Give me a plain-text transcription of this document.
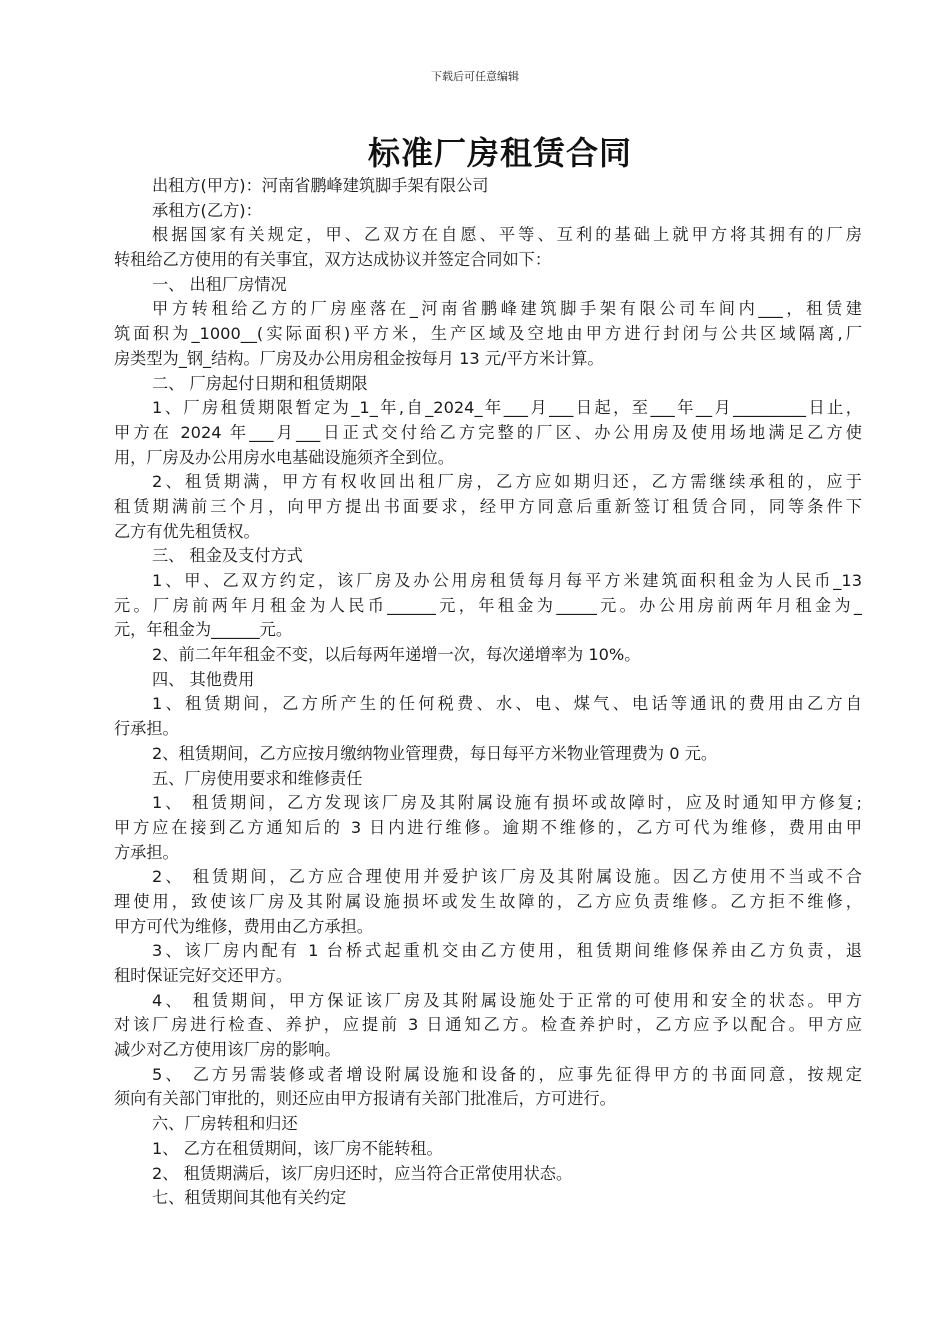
下载后可任意编辑
标准厂房租赁合同
出租方(甲方)：河南省鹏峰建筑脚手架有限公司
承租方(乙方)：
根据国家有关规定，甲、乙双方在自愿、平等、互利的基础上就甲方将其拥有的厂房
转租给乙方使用的有关事宜，双方达成协议并签定合同如下：
一、 出租厂房情况
甲方转租给乙方的厂房座落在_河南省鹏峰建筑脚手架有限公司车间内___，租赁建
筑面积为_1000__(实际面积)平方米，生产区域及空地由甲方进行封闭与公共区域隔离,厂
房类型为_钢_结构。厂房及办公用房租金按每月 13 元/平方米计算。
二、 厂房起付日期和租赁期限
1、厂房租赁期限暂定为_1_年,自_2024_年___月___日起，至___年__月_________日止，
甲方在 2024 年___月___日正式交付给乙方完整的厂区、办公用房及使用场地满足乙方使
用，厂房及办公用房水电基础设施须齐全到位。
2、租赁期满，甲方有权收回出租厂房，乙方应如期归还，乙方需继续承租的，应于
租赁期满前三个月，向甲方提出书面要求，经甲方同意后重新签订租赁合同，同等条件下
乙方有优先租赁权。
三、 租金及支付方式
1、甲、乙双方约定，该厂房及办公用房租赁每月每平方米建筑面积租金为人民币_13
元。厂房前两年月租金为人民币______元，年租金为_____元。办公用房前两年月租金为_
元，年租金为______元。
2、前二年年租金不变，以后每两年递增一次，每次递增率为 10%。
四、 其他费用
1、租赁期间，乙方所产生的任何税费、水、电、煤气、电话等通讯的费用由乙方自
行承担。
2、租赁期间，乙方应按月缴纳物业管理费，每日每平方米物业管理费为 0 元。
五、厂房使用要求和维修责任
1、 租赁期间，乙方发现该厂房及其附属设施有损坏或故障时，应及时通知甲方修复;
甲方应在接到乙方通知后的 3 日内进行维修。逾期不维修的，乙方可代为维修，费用由甲
方承担。
2、 租赁期间，乙方应合理使用并爱护该厂房及其附属设施。因乙方使用不当或不合
理使用，致使该厂房及其附属设施损坏或发生故障的，乙方应负责维修。乙方拒不维修，
甲方可代为维修，费用由乙方承担。
3、该厂房内配有 1 台桥式起重机交由乙方使用，租赁期间维修保养由乙方负责，退
租时保证完好交还甲方。
4、 租赁期间，甲方保证该厂房及其附属设施处于正常的可使用和安全的状态。甲方
对该厂房进行检查、养护，应提前 3 日通知乙方。检查养护时，乙方应予以配合。甲方应
减少对乙方使用该厂房的影响。
5、 乙方另需装修或者增设附属设施和设备的，应事先征得甲方的书面同意，按规定
须向有关部门审批的，则还应由甲方报请有关部门批准后，方可进行。
六、厂房转租和归还
1、 乙方在租赁期间，该厂房不能转租。
2、 租赁期满后，该厂房归还时，应当符合正常使用状态。
七、租赁期间其他有关约定
